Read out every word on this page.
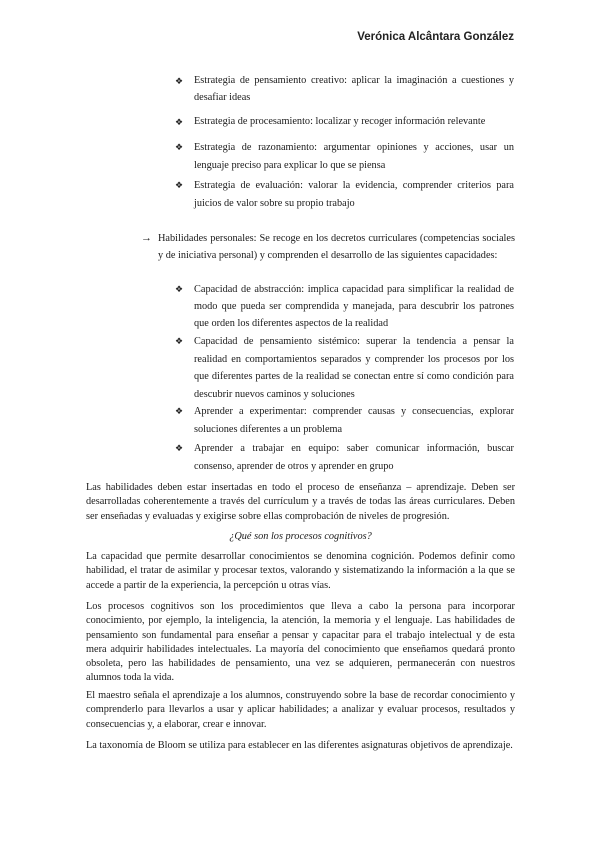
Verónica Alcântara González
❖ Estrategia de pensamiento creativo: aplicar la imaginación a cuestiones y desafiar ideas
❖ Estrategia de procesamiento: localizar y recoger información relevante
❖ Estrategia de razonamiento: argumentar opiniones y acciones, usar un lenguaje preciso para explicar lo que se piensa
❖ Estrategia de evaluación: valorar la evidencia, comprender criterios para juicios de valor sobre su propio trabajo
→ Habilidades personales: Se recoge en los decretos curriculares (competencias sociales y de iniciativa personal) y comprenden el desarrollo de las siguientes capacidades:
❖ Capacidad de abstracción: implica capacidad para simplificar la realidad de modo que pueda ser comprendida y manejada, para descubrir los patrones que orden los diferentes aspectos de la realidad
❖ Capacidad de pensamiento sistémico: superar la tendencia a pensar la realidad en comportamientos separados y comprender los procesos por los que diferentes partes de la realidad se conectan entre sí como condición para descubrir nuevos caminos y soluciones
❖ Aprender a experimentar: comprender causas y consecuencias, explorar soluciones diferentes a un problema
❖ Aprender a trabajar en equipo: saber comunicar información, buscar consenso, aprender de otros y aprender en grupo
Las habilidades deben estar insertadas en todo el proceso de enseñanza – aprendizaje. Deben ser desarrolladas coherentemente a través del currículum y a través de todas las áreas curriculares. Deben ser enseñadas y evaluadas y exigirse sobre ellas comprobación de niveles de progresión.
¿Qué son los procesos cognitivos?
La capacidad que permite desarrollar conocimientos se denomina cognición. Podemos definir como habilidad, el tratar de asimilar y procesar textos, valorando y sistematizando la información a la que se accede a partir de la experiencia, la percepción u otras vías.
Los procesos cognitivos son los procedimientos que lleva a cabo la persona para incorporar conocimiento, por ejemplo, la inteligencia, la atención, la memoria y el lenguaje. Las habilidades de pensamiento son fundamental para enseñar a pensar y capacitar para el trabajo intelectual y de esta mera adquirir habilidades intelectuales. La mayoría del conocimiento que enseñamos quedará pronto obsoleta, pero las habilidades de pensamiento, una vez se adquieren, permanecerán con nuestros alumnos toda la vida.
El maestro señala el aprendizaje a los alumnos, construyendo sobre la base de recordar conocimiento y comprenderlo para llevarlos a usar y aplicar habilidades; a analizar y evaluar procesos, resultados y consecuencias y, a elaborar, crear e innovar.
La taxonomía de Bloom se utiliza para establecer en las diferentes asignaturas objetivos de aprendizaje.
